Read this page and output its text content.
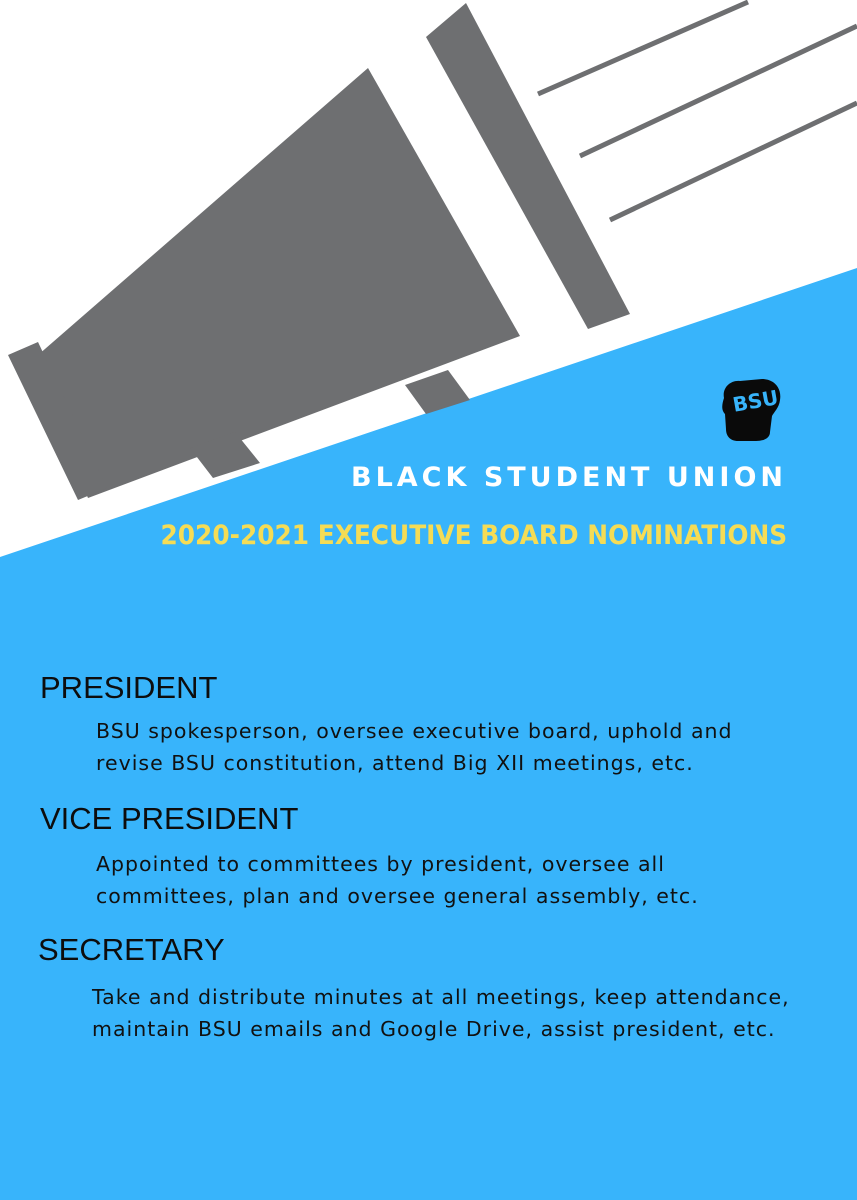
BSU
BLACK STUDENT UNION
2020-2021 EXECUTIVE BOARD NOMINATIONS
PRESIDENT
BSU spokesperson, oversee executive board, uphold and revise BSU constitution, attend Big XII meetings, etc.
VICE PRESIDENT
Appointed to committees by president, oversee all committees, plan and oversee general assembly, etc.
SECRETARY
Take and distribute minutes at all meetings, keep attendance, maintain BSU emails and Google Drive, assist president, etc.
